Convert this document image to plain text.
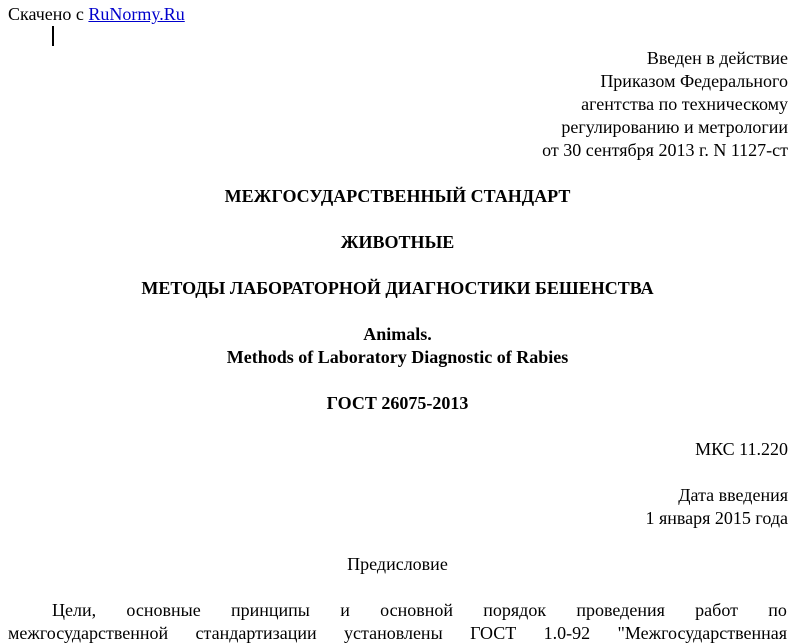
Скачено с RuNormy.Ru
Введен в действие
Приказом Федерального
агентства по техническому
регулированию и метрологии
от 30 сентября 2013 г. N 1127-ст
МЕЖГОСУДАРСТВЕННЫЙ СТАНДАРТ
ЖИВОТНЫЕ
МЕТОДЫ ЛАБОРАТОРНОЙ ДИАГНОСТИКИ БЕШЕНСТВА
Animals.
Methods of Laboratory Diagnostic of Rabies
ГОСТ 26075-2013
МКС 11.220
Дата введения
1 января 2015 года
Предисловие
Цели, основные принципы и основной порядок проведения работ по
межгосударственной стандартизации установлены ГОСТ 1.0-92 "Межгосударственная
